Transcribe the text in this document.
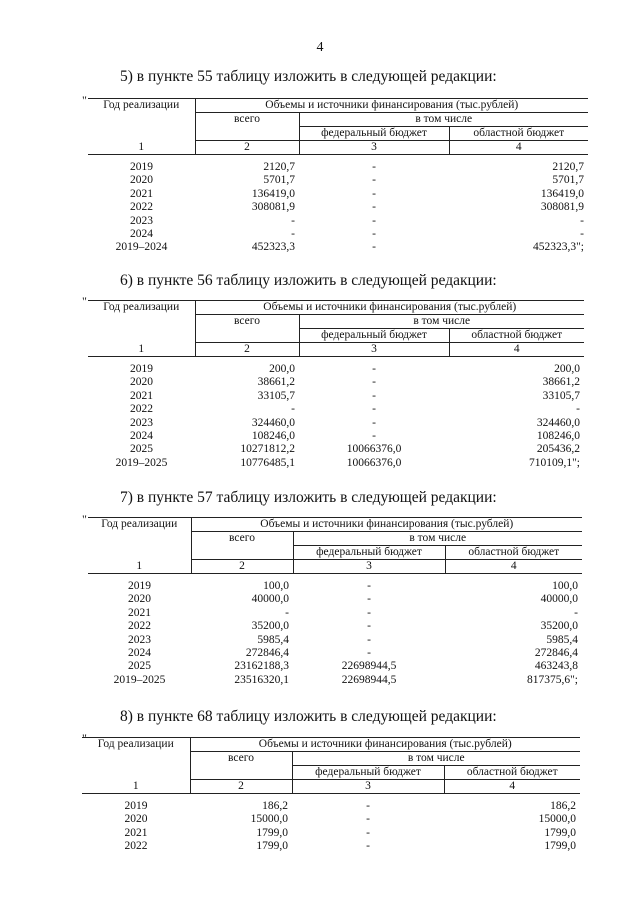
4
5) в пункте 55 таблицу изложить в следующей редакции:
" Год реализации	Объемы и источники финансирования (тыс.рублей)		
	всего	в том числе	
		федеральный бюджет	областной бюджет
1	2	3	4

2019	2120,7	-	2120,7
2020	5701,7	-	5701,7
2021	136419,0	-	136419,0
2022	308081,9	-	308081,9
2023	-	-	-
2024	-	-	-
2019–2024	452323,3	-	452323,3";
6) в пункте 56 таблицу изложить в следующей редакции:
" Год реализации	Объемы и источники финансирования (тыс.рублей)		
	всего	в том числе	
		федеральный бюджет	областной бюджет
1	2	3	4

2019	200,0	-	200,0
2020	38661,2	-	38661,2
2021	33105,7	-	33105,7
2022	-	-	-
2023	324460,0	-	324460,0
2024	108246,0	-	108246,0
2025	10271812,2	10066376,0	205436,2
2019–2025	10776485,1	10066376,0	710109,1";
7) в пункте 57 таблицу изложить в следующей редакции:
" Год реализации	Объемы и источники финансирования (тыс.рублей)		
	всего	в том числе	
		федеральный бюджет	областной бюджет
1	2	3	4

2019	100,0	-	100,0
2020	40000,0	-	40000,0
2021	-	-	-
2022	35200,0	-	35200,0
2023	5985,4	-	5985,4
2024	272846,4	-	272846,4
2025	23162188,3	22698944,5	463243,8
2019–2025	23516320,1	22698944,5	817375,6";
8) в пункте 68 таблицу изложить в следующей редакции:
" Год реализации	Объемы и источники финансирования (тыс.рублей)		
	всего	в том числе	
		федеральный бюджет	областной бюджет
1	2	3	4

2019	186,2	-	186,2
2020	15000,0	-	15000,0
2021	1799,0	-	1799,0
2022	1799,0	-	1799,0
